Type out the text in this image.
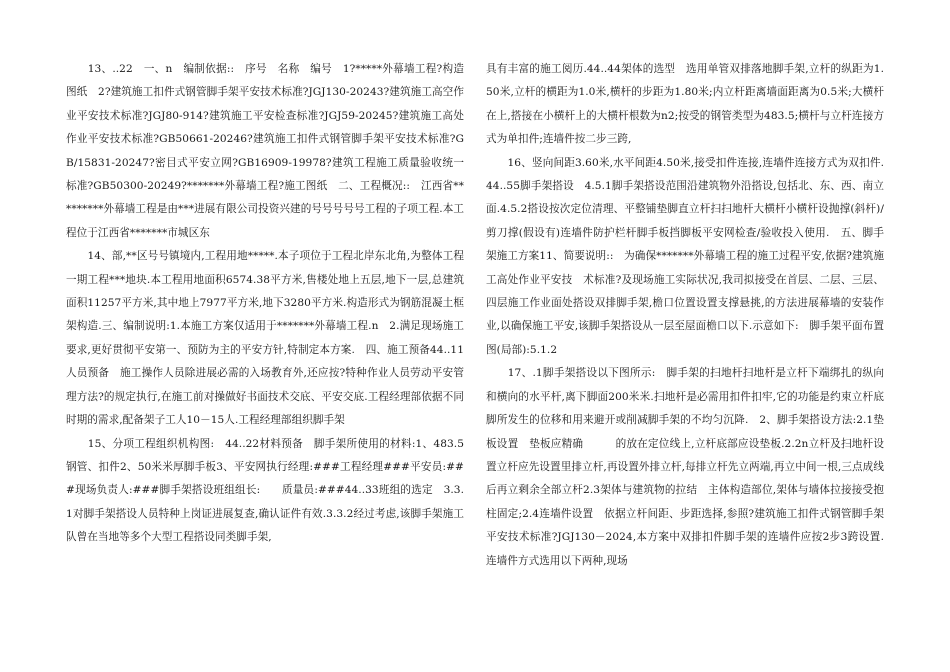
　　13、..22　一、n　编制依据::　序号　名称　编号　1?*****外幕墙工程?构造图纸　2?建筑施工扣件式钢管脚手架平安技术标准?JGJ130-20243?建筑施工高空作业平安技术标准?JGJ80-914?建筑施工平安检查标准?JGJ59-20245?建筑施工高处作业平安技术标准?GB50661-20246?建筑施工扣件式钢管脚手架平安技术标准?GB/15831-20247?密目式平安立网?GB16909-19978?建筑工程施工质量验收统一标准?GB50300-20249?*******外幕墙工程?施工图纸　二、工程概况::　江西省*********外幕墙工程是由***进展有限公司投资兴建的号号号号号工程的子项工程.本工程位于江西省*******市城区东

　　14、部,**区号号镇境内,工程用地*****.本子项位于工程北岸东北角,为整体工程一期工程***地块.本工程用地面积6574.38平方米,售楼处地上五层,地下一层,总建筑面积11257平方米,其中地上7977平方米,地下3280平方米.构造形式为钢筋混凝土框架构造.三、编制说明:1.本施工方案仅适用于*******外幕墙工程.n　2.满足现场施工要求,更好贯彻平安第一、预防为主的平安方针,特制定本方案.　四、施工预备44..11人员预备　施工操作人员除进展必需的入场教育外,还应按?特种作业人员劳动平安管理方法?的规定执行,在施工前对操做好书面技术交底、平安交底.工程经理部依据不同时期的需求,配备架子工人10－15人.工程经理部组织脚手架

　　15、分项工程组织机构图:　44..22材料预备　脚手架所使用的材料:1、483.5钢管、扣件2、50米米厚脚手板3、平安网执行经理:###工程经理###平安员:###现场负责人:###脚手架搭设班组组长:　　质量员:###44..33班组的选定　3.3.1对脚手架搭设人员特种上岗证进展复查,确认证件有效.3.3.2经过考虑,该脚手架施工队曾在当地等多个大型工程搭设同类脚手架,

具有丰富的施工阅历.44..44架体的选型　选用单管双排落地脚手架,立杆的纵距为1.50米,立杆的横距为1.0米,横杆的步距为1.80米;内立杆距离墙面距离为0.5米;大横杆在上,搭接在小横杆上的大横杆根数为n2;按受的钢管类型为483.5;横杆与立杆连接方式为单扣件;连墙件按二步三跨,

　　16、竖向间距3.60米,水平间距4.50米,接受扣件连接,连墙件连接方式为双扣件.　44..55脚手架搭设　4.5.1脚手架搭设范围沿建筑物外沿搭设,包括北、东、西、南立面.4.5.2搭设按次定位清理、平整铺垫脚直立杆扫扫地杆大横杆小横杆设抛撑(斜杆)/剪刀撑(假设有)连墙件防护栏杆脚手板挡脚板平安网检查/验收投入使用.　五、脚手架施工方案11、简要说明::　为确保*******外幕墙工程的施工过程平安,依据?建筑施工高处作业平安技　术标准?及现场施工实际状况,我司拟接受在首层、二层、三层、四层施工作业面处搭设双排脚手架,檐口位置设置支撑悬挑,的方法进展幕墙的安装作业,以确保施工平安,该脚手架搭设从一层至屋面檐口以下.示意如下:　脚手架平面布置图(局部):5.1.2

　　17、.1脚手架搭设以下图所示:　脚手架的扫地杆扫地杆是立杆下端绑扎的纵向和横向的水平杆,离下脚面200米米.扫地杆是必需用扣件扣牢,它的功能是约束立杆底脚所发生的位移和用来避开或削减脚手架的不均匀沉降.　2、脚手架搭设方法:2.1垫板设置　垫板应精确　　　的放在定位线上,立杆底部应设垫板.2.2n立杆及扫地杆设置立杆应先设置里排立杆,再设置外排立杆,每排立杆先立两端,再立中间一根,三点成线后再立剩余全部立杆2.3架体与建筑物的拉结　主体构造部位,架体与墙体拉接接受抱柱固定;2.4连墙件设置　依据立杆间距、步距选择,参照?建筑施工扣件式钢管脚手架平安技术标准?JGJ130－2024,本方案中双排扣件脚手架的连墙件应按2步3跨设置.连墙件方式选用以下两种,现场
